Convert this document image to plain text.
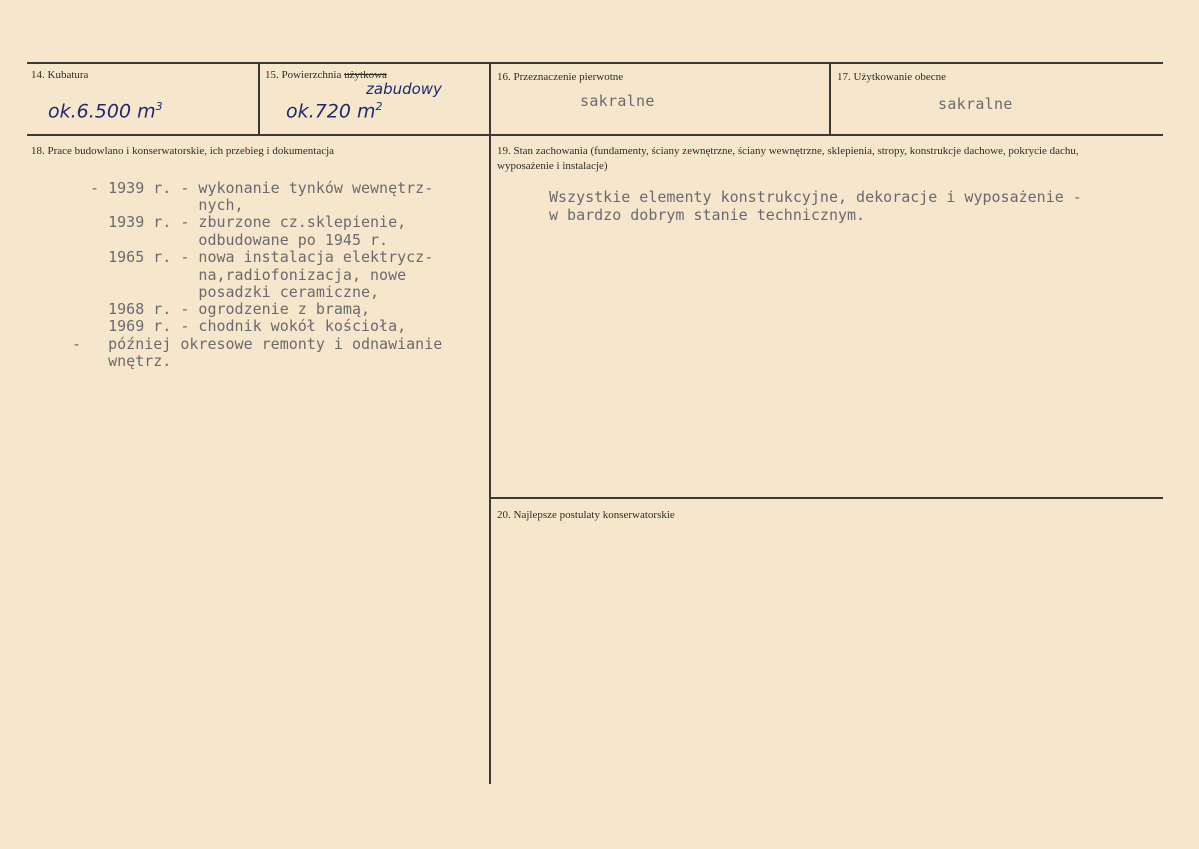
14. Kubatura
ok.6.500 $m^3$
15. Powierzchnia użytkowa
zabudowy
ok.720 $m^2$
16. Przeznaczenie pierwotne
sakralne
17. Użytkowanie obecne
sakralne
18. Prace budowlano i konserwatorskie, ich przebieg i dokumentacja
- 1939 r. - wykonanie tynków wewnętrz-
nych,
1939 r. - zburzone cz.sklepienie,
odbudowane po 1945 r.
1965 r. - nowa instalacja elektrycz-
na,radiofonizacja, nowe
posadzki ceramiczne,
1968 r. - ogrodzenie z bramą,
1969 r. - chodnik wokół kościoła,
-   później okresowe remonty i odnawianie
wnętrz.
19. Stan zachowania (fundamenty, ściany zewnętrzne, ściany wewnętrzne, sklepienia, stropy, konstrukcje dachowe, pokrycie dachu, wyposażenie i instalacje)
Wszystkie elementy konstrukcyjne, dekoracje i wyposażenie -
w bardzo dobrym stanie technicznym.
20. Najlepsze postulaty konserwatorskie
